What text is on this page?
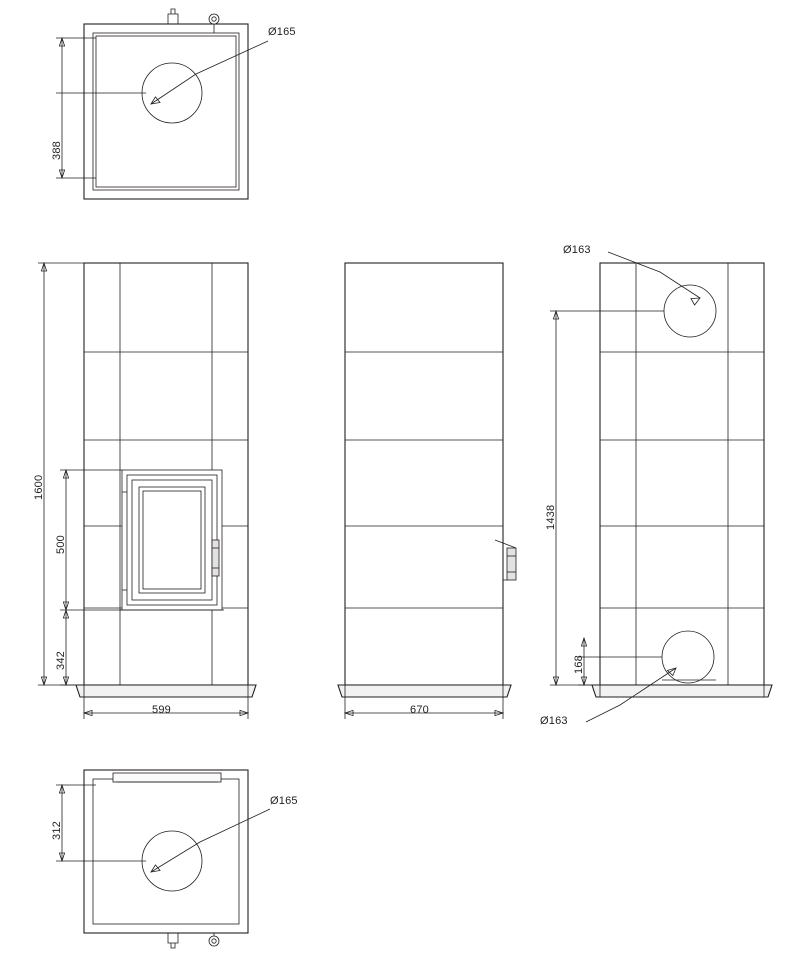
Ø165
388
1600
500
342
599	670
Ø163
1438
168
Ø163
312
Ø165
